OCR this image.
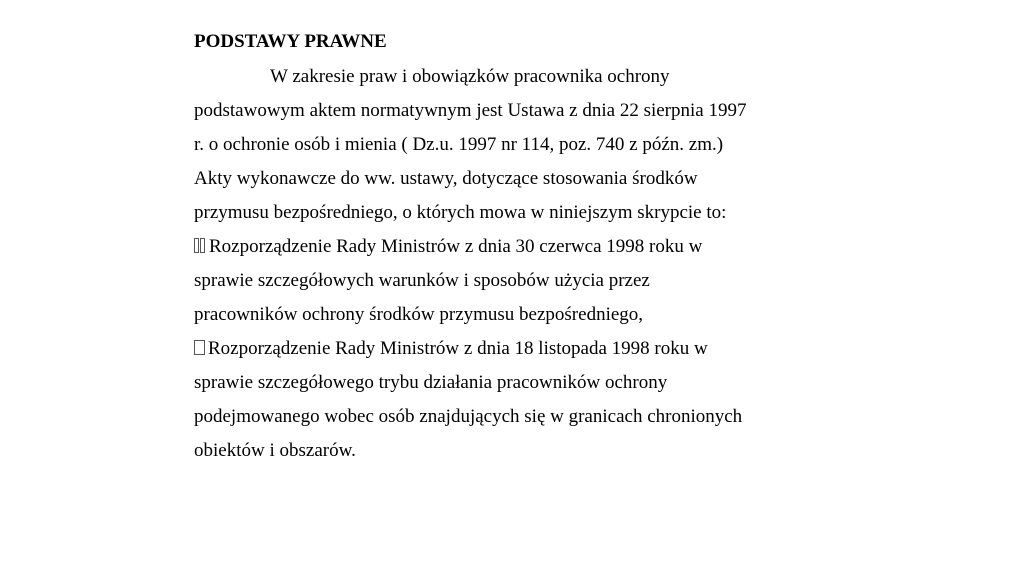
PODSTAWY PRAWNE
W zakresie praw i obowiązków pracownika ochrony
podstawowym aktem normatywnym jest Ustawa z dnia 22 sierpnia 1997
r. o ochronie osób i mienia ( Dz.u. 1997 nr 114, poz. 740 z późn. zm.)
Akty wykonawcze do ww. ustawy, dotyczące stosowania środków
przymusu bezpośredniego, o których mowa w niniejszym skrypcie to:
Rozporządzenie Rady Ministrów z dnia 30 czerwca 1998 roku w
sprawie szczegółowych warunków i sposobów użycia przez
pracowników ochrony środków przymusu bezpośredniego,
Rozporządzenie Rady Ministrów z dnia 18 listopada 1998 roku w
sprawie szczegółowego trybu działania pracowników ochrony
podejmowanego wobec osób znajdujących się w granicach chronionych
obiektów i obszarów.
